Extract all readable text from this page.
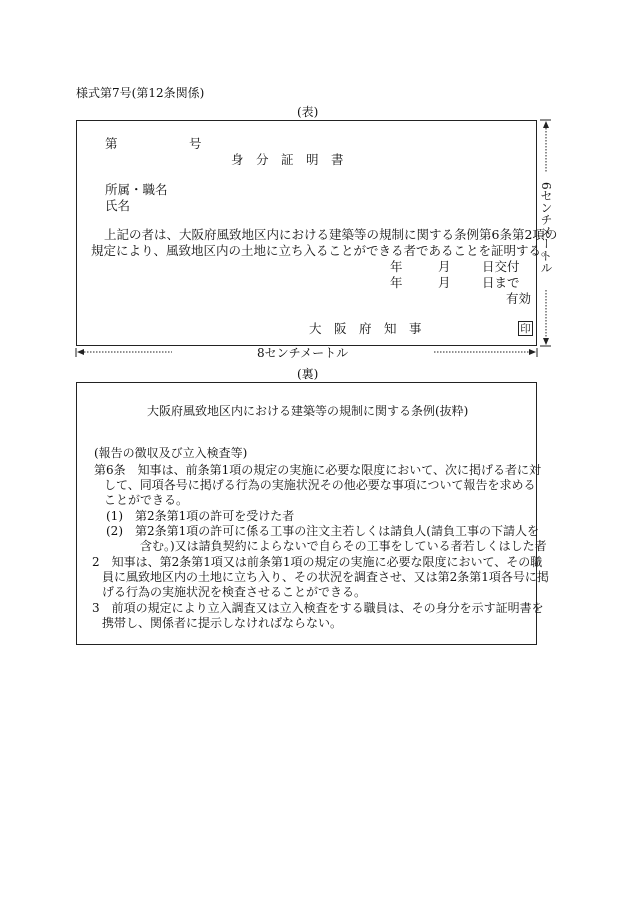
様式第7号(第12条関係)
(表)
第	号
身　分　証　明　書
所属・職名
氏名
上記の者は、大阪府風致地区内における建築等の規制に関する条例第6条第2項の
規定により、風致地区内の土地に立ち入ることができる者であることを証明する。
年	月	日交付
年	月	日まで
有効
大　阪　府　知　事	印
8センチメートル
6センチメートル
(裏)
大阪府風致地区内における建築等の規制に関する条例(抜粋)
(報告の徴収及び立入検査等)
第6条　知事は、前条第1項の規定の実施に必要な限度において、次に掲げる者に対
して、同項各号に掲げる行為の実施状況その他必要な事項について報告を求める
ことができる。
(1)　第2条第1項の許可を受けた者
(2)　第2条第1項の許可に係る工事の注文主若しくは請負人(請負工事の下請人を
含む。)又は請負契約によらないで自らその工事をしている者若しくはした者
2　知事は、第2条第1項又は前条第1項の規定の実施に必要な限度において、その職
員に風致地区内の土地に立ち入り、その状況を調査させ、又は第2条第1項各号に掲
げる行為の実施状況を検査させることができる。
3　前項の規定により立入調査又は立入検査をする職員は、その身分を示す証明書を
携帯し、関係者に提示しなければならない。
